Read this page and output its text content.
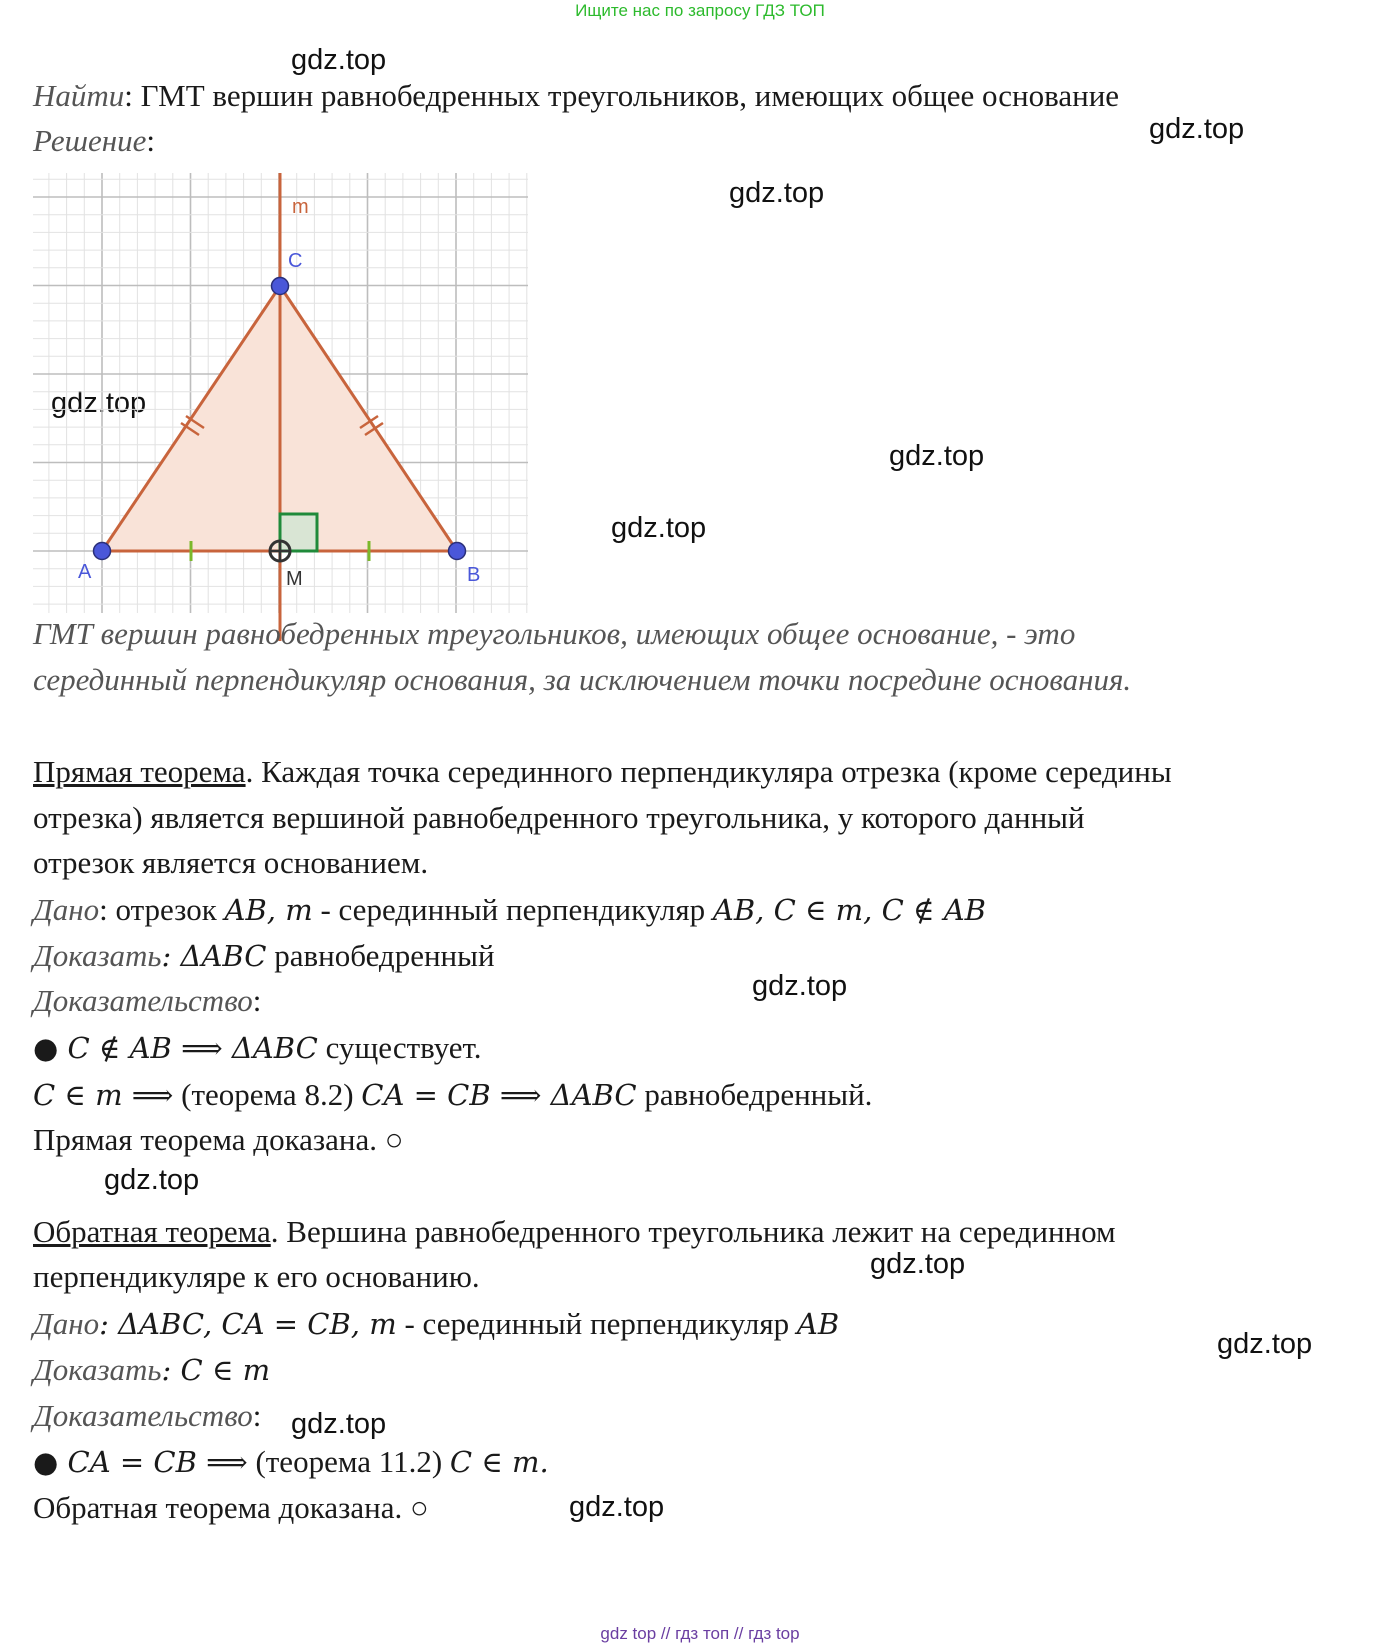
Ищите нас по запросу ГДЗ ТОП
gdz.top
gdz.top
gdz.top
gdz.top
gdz.top
gdz.top
gdz.top
gdz.top
gdz.top
gdz.top
gdz.top
gdz.top
Найти: ГМТ вершин равнобедренных треугольников, имеющих общее основание
Решение:
m
C
A	B
M
ГМТ вершин равнобедренных треугольников, имеющих общее основание, - это
серединный перпендикуляр основания, за исключением точки посредине основания.
Прямая теорема. Каждая точка серединного перпендикуляра отрезка (кроме середины
отрезка) является вершиной равнобедренного треугольника, у которого данный
отрезок является основанием.
Дано: отрезок AB, m - серединный перпендикуляр AB, C ∈ m, C ∉ AB
Доказать: ΔABC равнобедренный
Доказательство:
● C ∉ AB ⟹ ΔABC существует.
C ∈ m ⟹ (теорема 8.2) CA = CB ⟹ ΔABC равнобедренный.
Прямая теорема доказана. ○
Обратная теорема. Вершина равнобедренного треугольника лежит на серединном
перпендикуляре к его основанию.
Дано: ΔABC, CA = CB, m - серединный перпендикуляр AB
Доказать: C ∈ m
Доказательство:
● CA = CB ⟹ (теорема 11.2) C ∈ m.
Обратная теорема доказана. ○
gdz top // гдз топ // гдз top
